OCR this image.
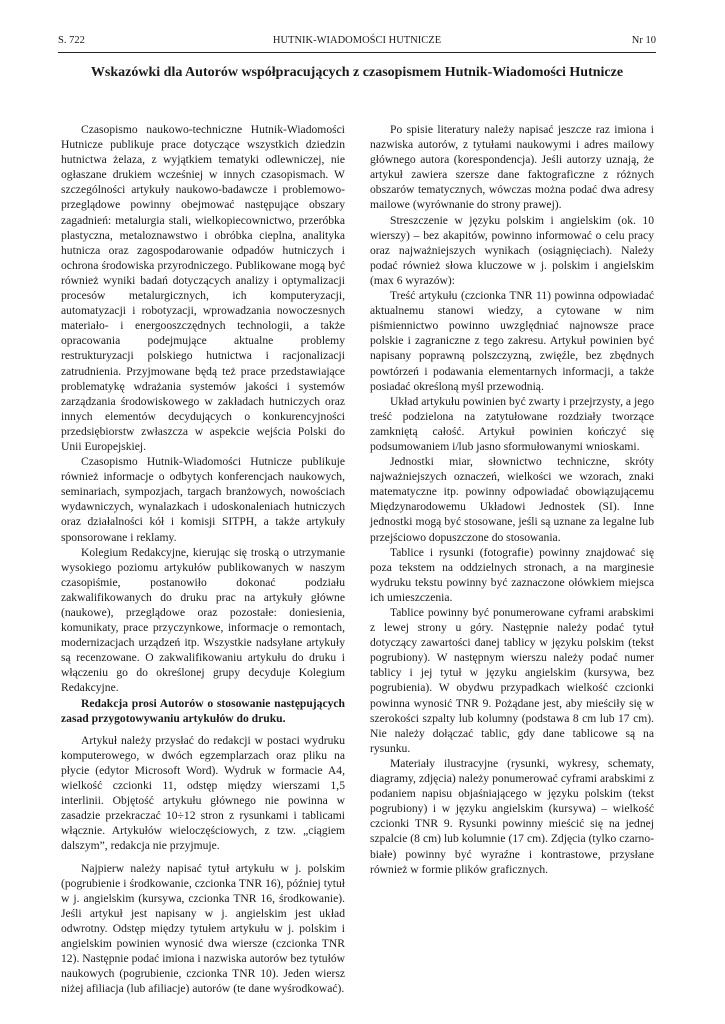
S. 722	HUTNIK-WIADOMOŚCI HUTNICZE	Nr 10
Wskazówki dla Autorów współpracujących z czasopismem Hutnik-Wiadomości Hutnicze

Czasopismo naukowo-techniczne Hutnik-Wiadomości Hutnicze publikuje prace dotyczące wszystkich dziedzin hutnictwa żelaza, z wyjątkiem tematyki odlewniczej, nie ogłaszane drukiem wcześniej w innych czasopismach. W szczególności artykuły naukowo-badawcze i problemowo-przeglądowe powinny obejmować następujące obszary zagadnień: metalurgia stali, wielkopiecownictwo, przeróbka plastyczna, metaloznawstwo i obróbka cieplna, analityka hutnicza oraz zagospodarowanie odpadów hutniczych i ochrona środowiska przyrodniczego. Publikowane mogą być również wyniki badań dotyczących analizy i optymalizacji procesów metalurgicznych, ich komputeryzacji, automatyzacji i robotyzacji, wprowadzania nowoczesnych materiało- i energooszczędnych technologii, a także opracowania podejmujące aktualne problemy restrukturyzacji polskiego hutnictwa i racjonalizacji zatrudnienia. Przyjmowane będą też prace przedstawiające problematykę wdrażania systemów jakości i systemów zarządzania środowiskowego w zakładach hutniczych oraz innych elementów decydujących o konkurencyjności przedsiębiorstw zwłaszcza w aspekcie wejścia Polski do Unii Europejskiej.

Czasopismo Hutnik-Wiadomości Hutnicze publikuje również informacje o odbytych konferencjach naukowych, seminariach, sympozjach, targach branżowych, nowościach wydawniczych, wynalazkach i udoskonaleniach hutniczych oraz działalności kół i komisji SITPH, a także artykuły sponsorowane i reklamy.

Kolegium Redakcyjne, kierując się troską o utrzymanie wysokiego poziomu artykułów publikowanych w naszym czasopiśmie, postanowiło dokonać podziału zakwalifikowanych do druku prac na artykuły główne (naukowe), przeglądowe oraz pozostałe: doniesienia, komunikaty, prace przyczynkowe, informacje o remontach, modernizacjach urządzeń itp. Wszystkie nadsyłane artykuły są recenzowane. O zakwalifikowaniu artykułu do druku i włączeniu go do określonej grupy decyduje Kolegium Redakcyjne.

Redakcja prosi Autorów o stosowanie następujących zasad przygotowywaniu artykułów do druku.

Artykuł należy przysłać do redakcji w postaci wydruku komputerowego, w dwóch egzemplarzach oraz pliku na płycie (edytor Microsoft Word). Wydruk w formacie A4, wielkość czcionki 11, odstęp między wierszami 1,5 interlinii. Objętość artykułu głównego nie powinna w zasadzie przekraczać 10÷12 stron z rysunkami i tablicami włącznie. Artykułów wieloczęściowych, z tzw. „ciągiem dalszym”, redakcja nie przyjmuje.

Najpierw należy napisać tytuł artykułu w j. polskim (pogrubienie i środkowanie, czcionka TNR 16), później tytuł w j. angielskim (kursywa, czcionka TNR 16, środkowanie). Jeśli artykuł jest napisany w j. angielskim jest układ odwrotny. Odstęp między tytułem artykułu w j. polskim i angielskim powinien wynosić dwa wiersze (czcionka TNR 12). Następnie podać imiona i nazwiska autorów bez tytułów naukowych (pogrubienie, czcionka TNR 10). Jeden wiersz niżej afiliacja (lub afiliacje) autorów (te dane wyśrodkować).

Po spisie literatury należy napisać jeszcze raz imiona i nazwiska autorów, z tytułami naukowymi i adres mailowy głównego autora (korespondencja). Jeśli autorzy uznają, że artykuł zawiera szersze dane faktograficzne z różnych obszarów tematycznych, wówczas można podać dwa adresy mailowe (wyrównanie do strony prawej).

Streszczenie w języku polskim i angielskim (ok. 10 wierszy) – bez akapitów, powinno informować o celu pracy oraz najważniejszych wynikach (osiągnięciach). Należy podać również słowa kluczowe w j. polskim i angielskim (max 6 wyrazów):

Treść artykułu (czcionka TNR 11) powinna odpowiadać aktualnemu stanowi wiedzy, a cytowane w nim piśmiennictwo powinno uwzględniać najnowsze prace polskie i zagraniczne z tego zakresu. Artykuł powinien być napisany poprawną polszczyzną, zwięźle, bez zbędnych powtórzeń i podawania elementarnych informacji, a także posiadać określoną myśl przewodnią.

Układ artykułu powinien być zwarty i przejrzysty, a jego treść podzielona na zatytułowane rozdziały tworzące zamkniętą całość. Artykuł powinien kończyć się podsumowaniem i/lub jasno sformułowanymi wnioskami.

Jednostki miar, słownictwo techniczne, skróty najważniejszych oznaczeń, wielkości we wzorach, znaki matematyczne itp. powinny odpowiadać obowiązującemu Międzynarodowemu Układowi Jednostek (SI). Inne jednostki mogą być stosowane, jeśli są uznane za legalne lub przejściowo dopuszczone do stosowania.

Tablice i rysunki (fotografie) powinny znajdować się poza tekstem na oddzielnych stronach, a na marginesie wydruku tekstu powinny być zaznaczone ołówkiem miejsca ich umieszczenia.

Tablice powinny być ponumerowane cyframi arabskimi z lewej strony u góry. Następnie należy podać tytuł dotyczący zawartości danej tablicy w języku polskim (tekst pogrubiony). W następnym wierszu należy podać numer tablicy i jej tytuł w języku angielskim (kursywa, bez pogrubienia). W obydwu przypadkach wielkość czcionki powinna wynosić TNR 9. Pożądane jest, aby mieściły się w szerokości szpalty lub kolumny (podstawa 8 cm lub 17 cm). Nie należy dołączać tablic, gdy dane tablicowe są na rysunku.

Materiały ilustracyjne (rysunki, wykresy, schematy, diagramy, zdjęcia) należy ponumerować cyframi arabskimi z podaniem napisu objaśniającego w języku polskim (tekst pogrubiony) i w języku angielskim (kursywa) – wielkość czcionki TNR 9. Rysunki powinny mieścić się na jednej szpalcie (8 cm) lub kolumnie (17 cm). Zdjęcia (tylko czarno-białe) powinny być wyraźne i kontrastowe, przysłane również w formie plików graficznych.
